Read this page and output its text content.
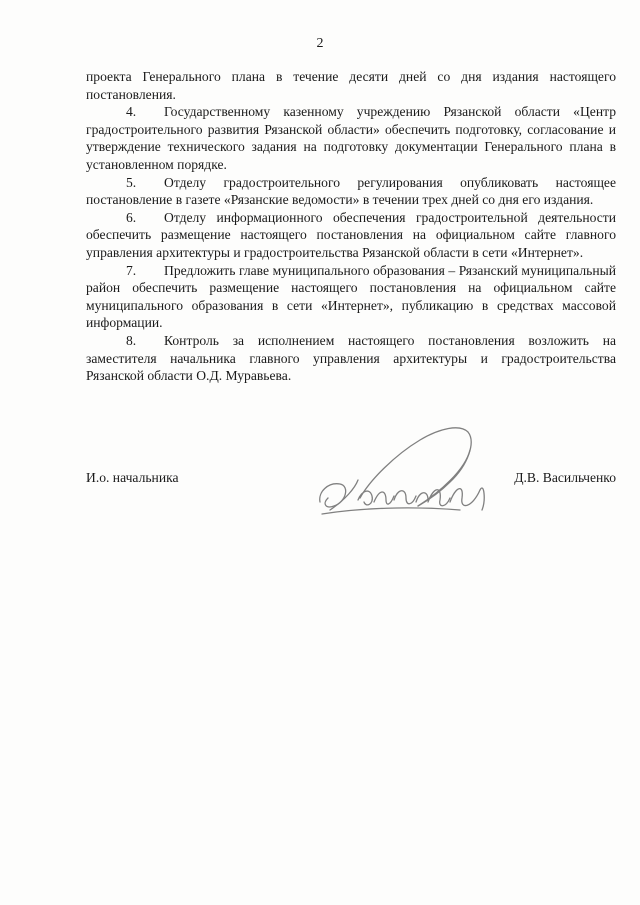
2

проекта Генерального плана в течение десяти дней со дня издания настоящего постановления.

4. Государственному казенному учреждению Рязанской области «Центр градостроительного развития Рязанской области» обеспечить подготовку, согласование и утверждение технического задания на подготовку документации Генерального плана в установленном порядке.

5. Отделу градостроительного регулирования опубликовать настоящее постановление в газете «Рязанские ведомости» в течении трех дней со дня его издания.

6. Отделу информационного обеспечения градостроительной деятельности обеспечить размещение настоящего постановления на официальном сайте главного управления архитектуры и градостроительства Рязанской области в сети «Интернет».

7. Предложить главе муниципального образования – Рязанский муниципальный район обеспечить размещение настоящего постановления на официальном сайте муниципального образования в сети «Интернет», публикацию в средствах массовой информации.

8. Контроль за исполнением настоящего постановления возложить на заместителя начальника главного управления архитектуры и градостроительства Рязанской области О.Д. Муравьева.

И.о. начальника	Д.В. Васильченко
